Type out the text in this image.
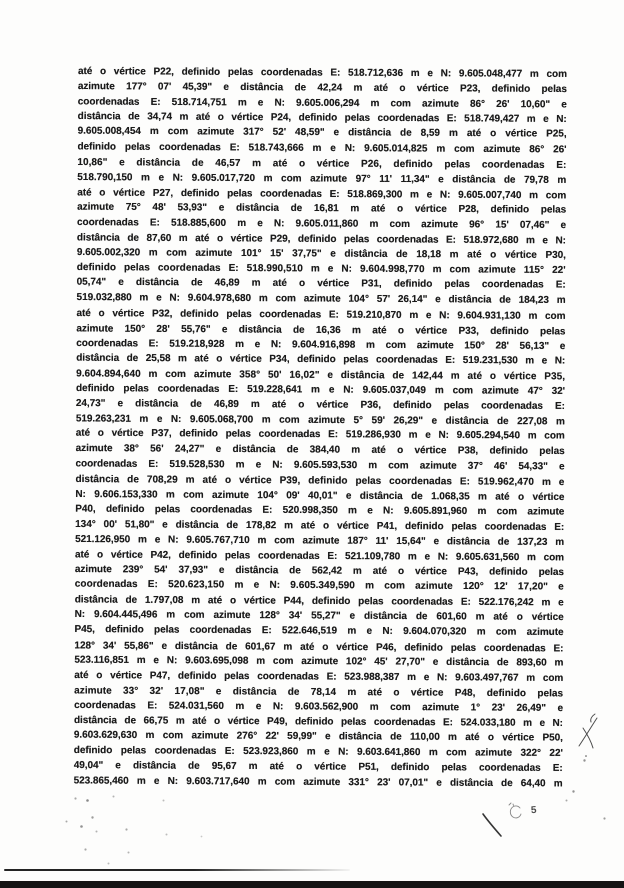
até o vértice P22, definido pelas coordenadas E: 518.712,636 m e N: 9.605.048,477 m com
azimute 177° 07' 45,39" e distância de 42,24 m até o vértice P23, definido pelas
coordenadas E: 518.714,751 m e N: 9.605.006,294 m com azimute 86° 26' 10,60" e
distância de 34,74 m até o vértice P24, definido pelas coordenadas E: 518.749,427 m e N:
9.605.008,454 m com azimute 317° 52' 48,59" e distância de 8,59 m até o vértice P25,
definido pelas coordenadas E: 518.743,666 m e N: 9.605.014,825 m com azimute 86° 26'
10,86" e distância de 46,57 m até o vértice P26, definido pelas coordenadas E:
518.790,150 m e N: 9.605.017,720 m com azimute 97° 11' 11,34" e distância de 79,78 m
até o vértice P27, definido pelas coordenadas E: 518.869,300 m e N: 9.605.007,740 m com
azimute 75° 48' 53,93" e distância de 16,81 m até o vértice P28, definido pelas
coordenadas E: 518.885,600 m e N: 9.605.011,860 m com azimute 96° 15' 07,46" e
distância de 87,60 m até o vértice P29, definido pelas coordenadas E: 518.972,680 m e N:
9.605.002,320 m com azimute 101° 15' 37,75" e distância de 18,18 m até o vértice P30,
definido pelas coordenadas E: 518.990,510 m e N: 9.604.998,770 m com azimute 115° 22'
05,74" e distância de 46,89 m até o vértice P31, definido pelas coordenadas E:
519.032,880 m e N: 9.604.978,680 m com azimute 104° 57' 26,14" e distância de 184,23 m
até o vértice P32, definido pelas coordenadas E: 519.210,870 m e N: 9.604.931,130 m com
azimute 150° 28' 55,76" e distância de 16,36 m até o vértice P33, definido pelas
coordenadas E: 519.218,928 m e N: 9.604.916,898 m com azimute 150° 28' 56,13" e
distância de 25,58 m até o vértice P34, definido pelas coordenadas E: 519.231,530 m e N:
9.604.894,640 m com azimute 358° 50' 16,02" e distância de 142,44 m até o vértice P35,
definido pelas coordenadas E: 519.228,641 m e N: 9.605.037,049 m com azimute 47° 32'
24,73" e distância de 46,89 m até o vértice P36, definido pelas coordenadas E:
519.263,231 m e N: 9.605.068,700 m com azimute 5° 59' 26,29" e distância de 227,08 m
até o vértice P37, definido pelas coordenadas E: 519.286,930 m e N: 9.605.294,540 m com
azimute 38° 56' 24,27" e distância de 384,40 m até o vértice P38, definido pelas
coordenadas E: 519.528,530 m e N: 9.605.593,530 m com azimute 37° 46' 54,33" e
distância de 708,29 m até o vértice P39, definido pelas coordenadas E: 519.962,470 m e
N: 9.606.153,330 m com azimute 104° 09' 40,01" e distância de 1.068,35 m até o vértice
P40, definido pelas coordenadas E: 520.998,350 m e N: 9.605.891,960 m com azimute
134° 00' 51,80" e distância de 178,82 m até o vértice P41, definido pelas coordenadas E:
521.126,950 m e N: 9.605.767,710 m com azimute 187° 11' 15,64" e distância de 137,23 m
até o vértice P42, definido pelas coordenadas E: 521.109,780 m e N: 9.605.631,560 m com
azimute 239° 54' 37,93" e distância de 562,42 m até o vértice P43, definido pelas
coordenadas E: 520.623,150 m e N: 9.605.349,590 m com azimute 120° 12' 17,20" e
distância de 1.797,08 m até o vértice P44, definido pelas coordenadas E: 522.176,242 m e
N: 9.604.445,496 m com azimute 128° 34' 55,27" e distância de 601,60 m até o vértice
P45, definido pelas coordenadas E: 522.646,519 m e N: 9.604.070,320 m com azimute
128° 34' 55,86" e distância de 601,67 m até o vértice P46, definido pelas coordenadas E:
523.116,851 m e N: 9.603.695,098 m com azimute 102° 45' 27,70" e distância de 893,60 m
até o vértice P47, definido pelas coordenadas E: 523.988,387 m e N: 9.603.497,767 m com
azimute 33° 32' 17,08" e distância de 78,14 m até o vértice P48, definido pelas
coordenadas E: 524.031,560 m e N: 9.603.562,900 m com azimute 1° 23' 26,49" e
distância de 66,75 m até o vértice P49, definido pelas coordenadas E: 524.033,180 m e N:
9.603.629,630 m com azimute 276° 22' 59,99" e distância de 110,00 m até o vértice P50,
definido pelas coordenadas E: 523.923,860 m e N: 9.603.641,860 m com azimute 322° 22'
49,04" e distância de 95,67 m até o vértice P51, definido pelas coordenadas E:
523.865,460 m e N: 9.603.717,640 m com azimute 331° 23' 07,01" e distância de 64,40 m
5
